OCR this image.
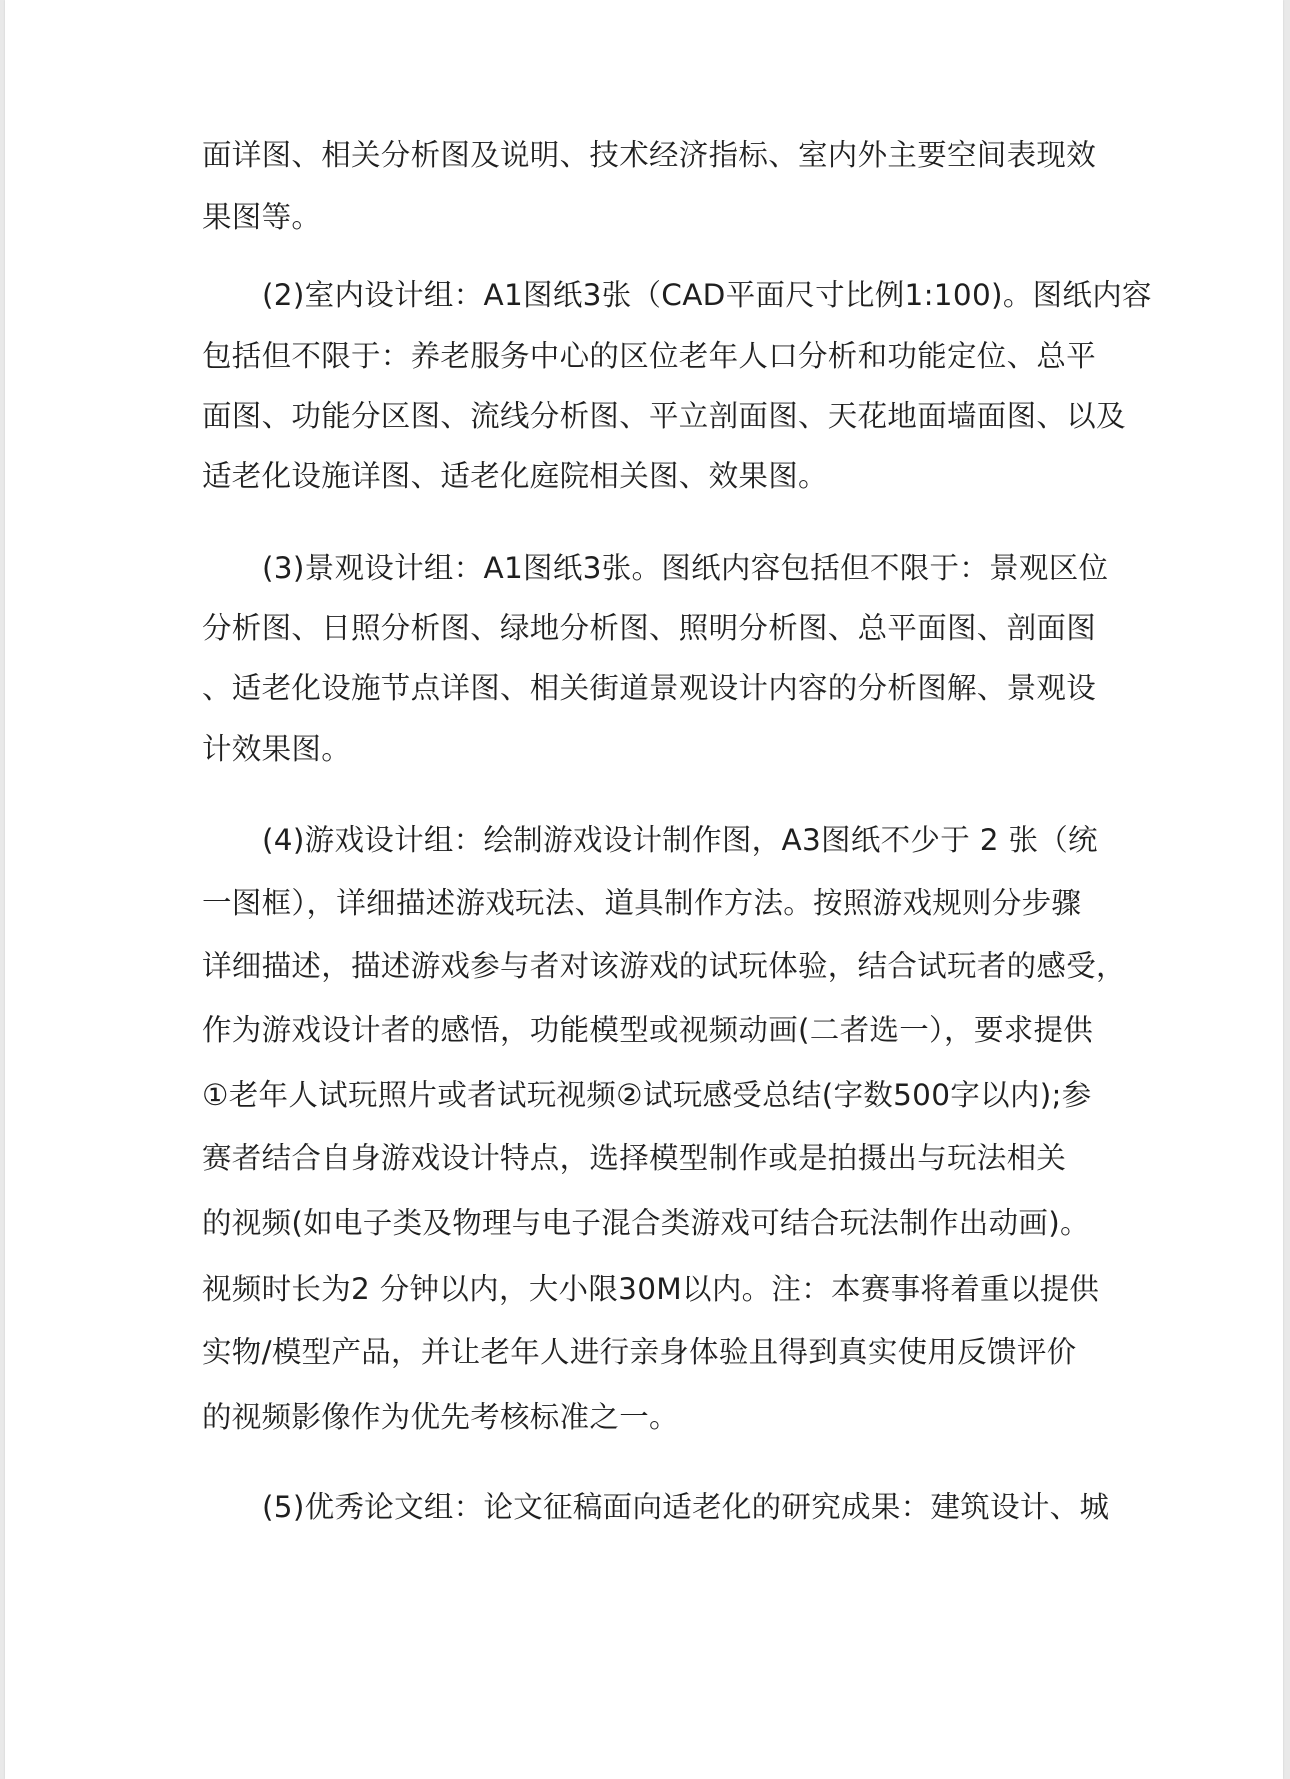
面详图、相关分析图及说明、技术经济指标、室内外主要空间表现效
果图等。
(2)室内设计组：A1图纸3张（CAD平面尺寸比例1:100)。图纸内容
包括但不限于：养老服务中心的区位老年人口分析和功能定位、总平
面图、功能分区图、流线分析图、平立剖面图、天花地面墙面图、以及
适老化设施详图、适老化庭院相关图、效果图。
(3)景观设计组：A1图纸3张。图纸内容包括但不限于：景观区位
分析图、日照分析图、绿地分析图、照明分析图、总平面图、剖面图
、适老化设施节点详图、相关街道景观设计内容的分析图解、景观设
计效果图。
(4)游戏设计组：绘制游戏设计制作图，A3图纸不少于 2 张（统
一图框），详细描述游戏玩法、道具制作方法。按照游戏规则分步骤
详细描述，描述游戏参与者对该游戏的试玩体验，结合试玩者的感受，
作为游戏设计者的感悟，功能模型或视频动画(二者选一），要求提供
①老年人试玩照片或者试玩视频②试玩感受总结(字数500字以内);参
赛者结合自身游戏设计特点，选择模型制作或是拍摄出与玩法相关
的视频(如电子类及物理与电子混合类游戏可结合玩法制作出动画)。
视频时长为2 分钟以内，大小限30M以内。注：本赛事将着重以提供
实物/模型产品，并让老年人进行亲身体验且得到真实使用反馈评价
的视频影像作为优先考核标准之一。
(5)优秀论文组：论文征稿面向适老化的研究成果：建筑设计、城
